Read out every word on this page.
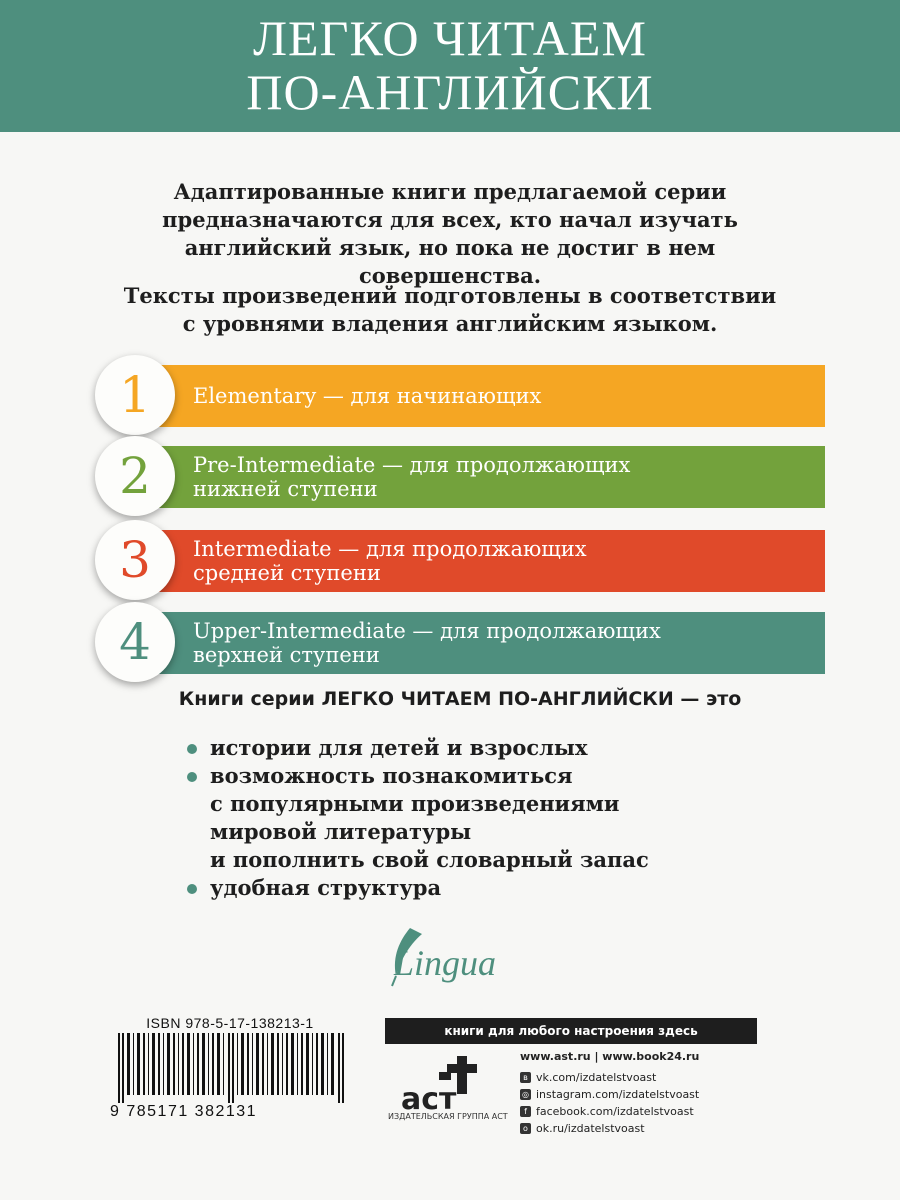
ЛЕГКО ЧИТАЕМ
ПО-АНГЛИЙСКИ

Адаптированные книги предлагаемой серии

предназначаются для всех, кто начал изучать

английский язык, но пока не достиг в нем

совершенства.

Тексты произведений подготовлены в соответствии

с уровнями владения английским языком.

1	Elementary — для начинающих
2	Pre-Intermediate — для продолжающих
нижней ступени
3	Intermediate — для продолжающих
средней ступени
4	Upper-Intermediate — для продолжающих
верхней ступени
Книги серии ЛЕГКО ЧИТАЕМ ПО-АНГЛИЙСКИ — это
истории для детей и взрослых
возможность познакомиться
с популярными произведениями
мировой литературы
и пополнить свой словарный запас
удобная структура
Lingua
ISBN 978-5-17-138213-1
9 785171 382131
книги для любого настроения здесь
аст
ИЗДАТЕЛЬСКАЯ ГРУППА АСТ
www.ast.ru | www.book24.ru
в vk.com/izdatelstvoast
◎ instagram.com/izdatelstvoast
f facebook.com/izdatelstvoast
о ok.ru/izdatelstvoast
